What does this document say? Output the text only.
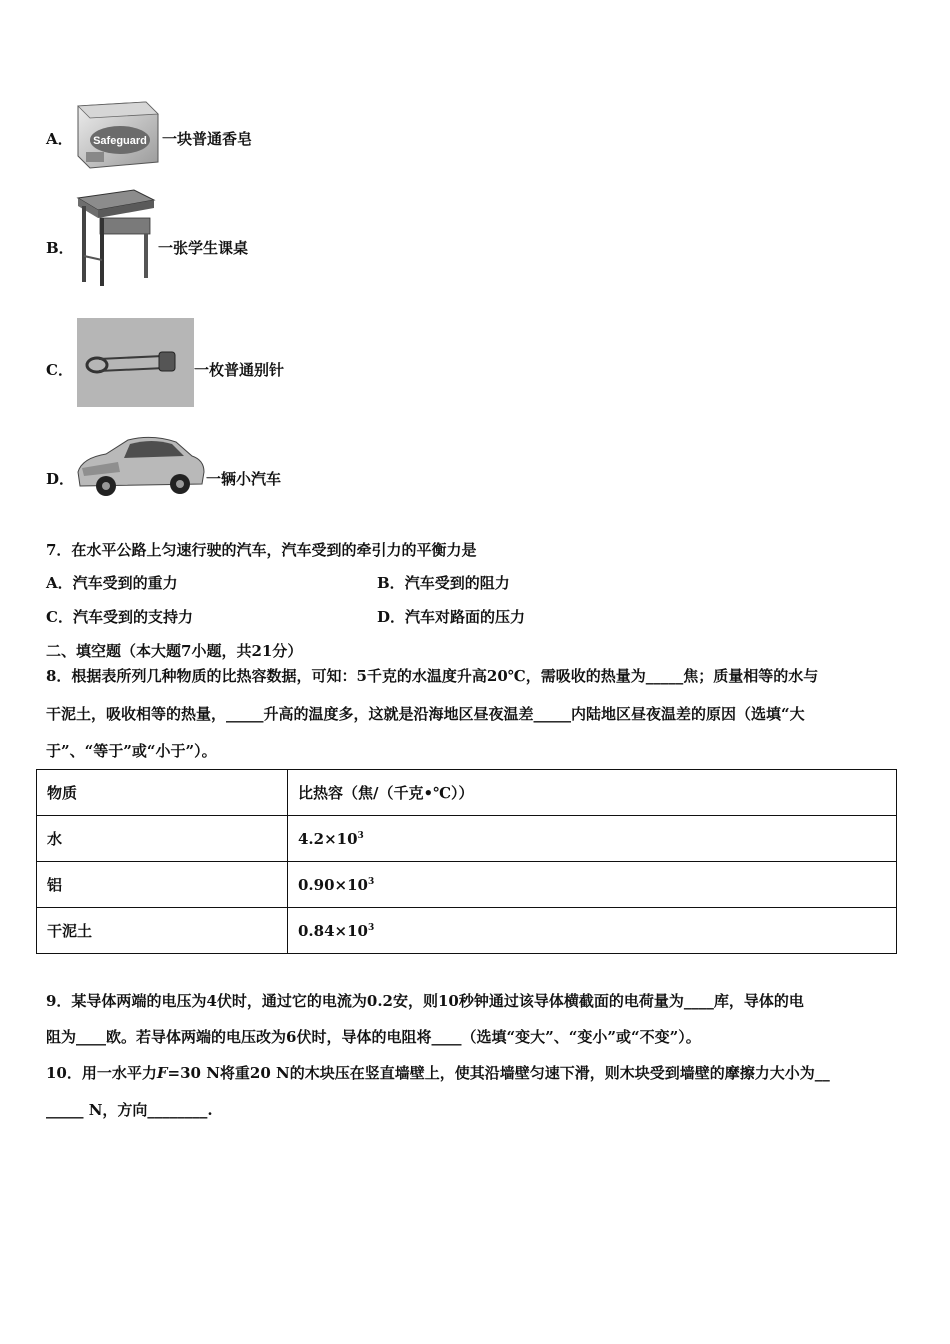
A． Safeguard 一块普通香皂
B．	一张学生课桌
C．	一枚普通别针
D．	一辆小汽车
7．在水平公路上匀速行驶的汽车，汽车受到的牵引力的平衡力是
A．汽车受到的重力	B．汽车受到的阻力
C．汽车受到的支持力	D．汽车对路面的压力
二、填空题（本大题7小题，共21分）
8．根据表所列几种物质的比热容数据，可知：5千克的水温度升高20℃，需吸收的热量为_____焦；质量相等的水与
干泥土，吸收相等的热量，_____升高的温度多，这就是沿海地区昼夜温差_____内陆地区昼夜温差的原因（选填“大
于”、“等于”或“小于”）。
物质	比热容（焦/（千克•℃））
水	$4.2\times 10^3$
铝	$0.90\times 10^3$
干泥土	$0.84\times 10^3$
9．某导体两端的电压为4伏时，通过它的电流为0.2安，则10秒钟通过该导体横截面的电荷量为____库，导体的电
阻为____欧。若导体两端的电压改为6伏时，导体的电阻将____（选填“变大”、“变小”或“不变”）。
10．用一水平力F=30 N将重20 N的木块压在竖直墙壁上，使其沿墙壁匀速下滑，则木块受到墙壁的摩擦力大小为__
_____ N，方向________.
